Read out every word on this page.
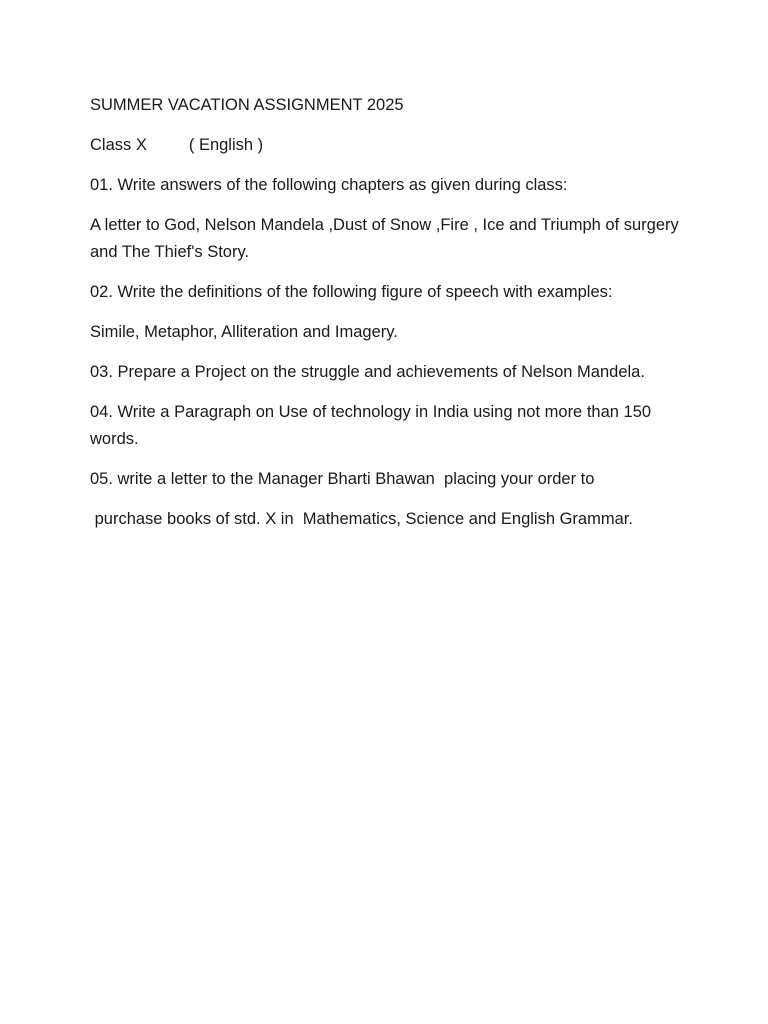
SUMMER VACATION ASSIGNMENT 2025

Class X	( English )

01. Write answers of the following chapters as given during class:

A letter to God, Nelson Mandela ,Dust of Snow ,Fire , Ice and Triumph of surgery and The Thief's Story.

02. Write the definitions of the following figure of speech with examples:

Simile, Metaphor, Alliteration and Imagery.

03. Prepare a Project on the struggle and achievements of Nelson Mandela.

04. Write a Paragraph on Use of technology in India using not more than 150 words.

05. write a letter to the Manager Bharti Bhawan  placing your order to

purchase books of std. X in  Mathematics, Science and English Grammar.
